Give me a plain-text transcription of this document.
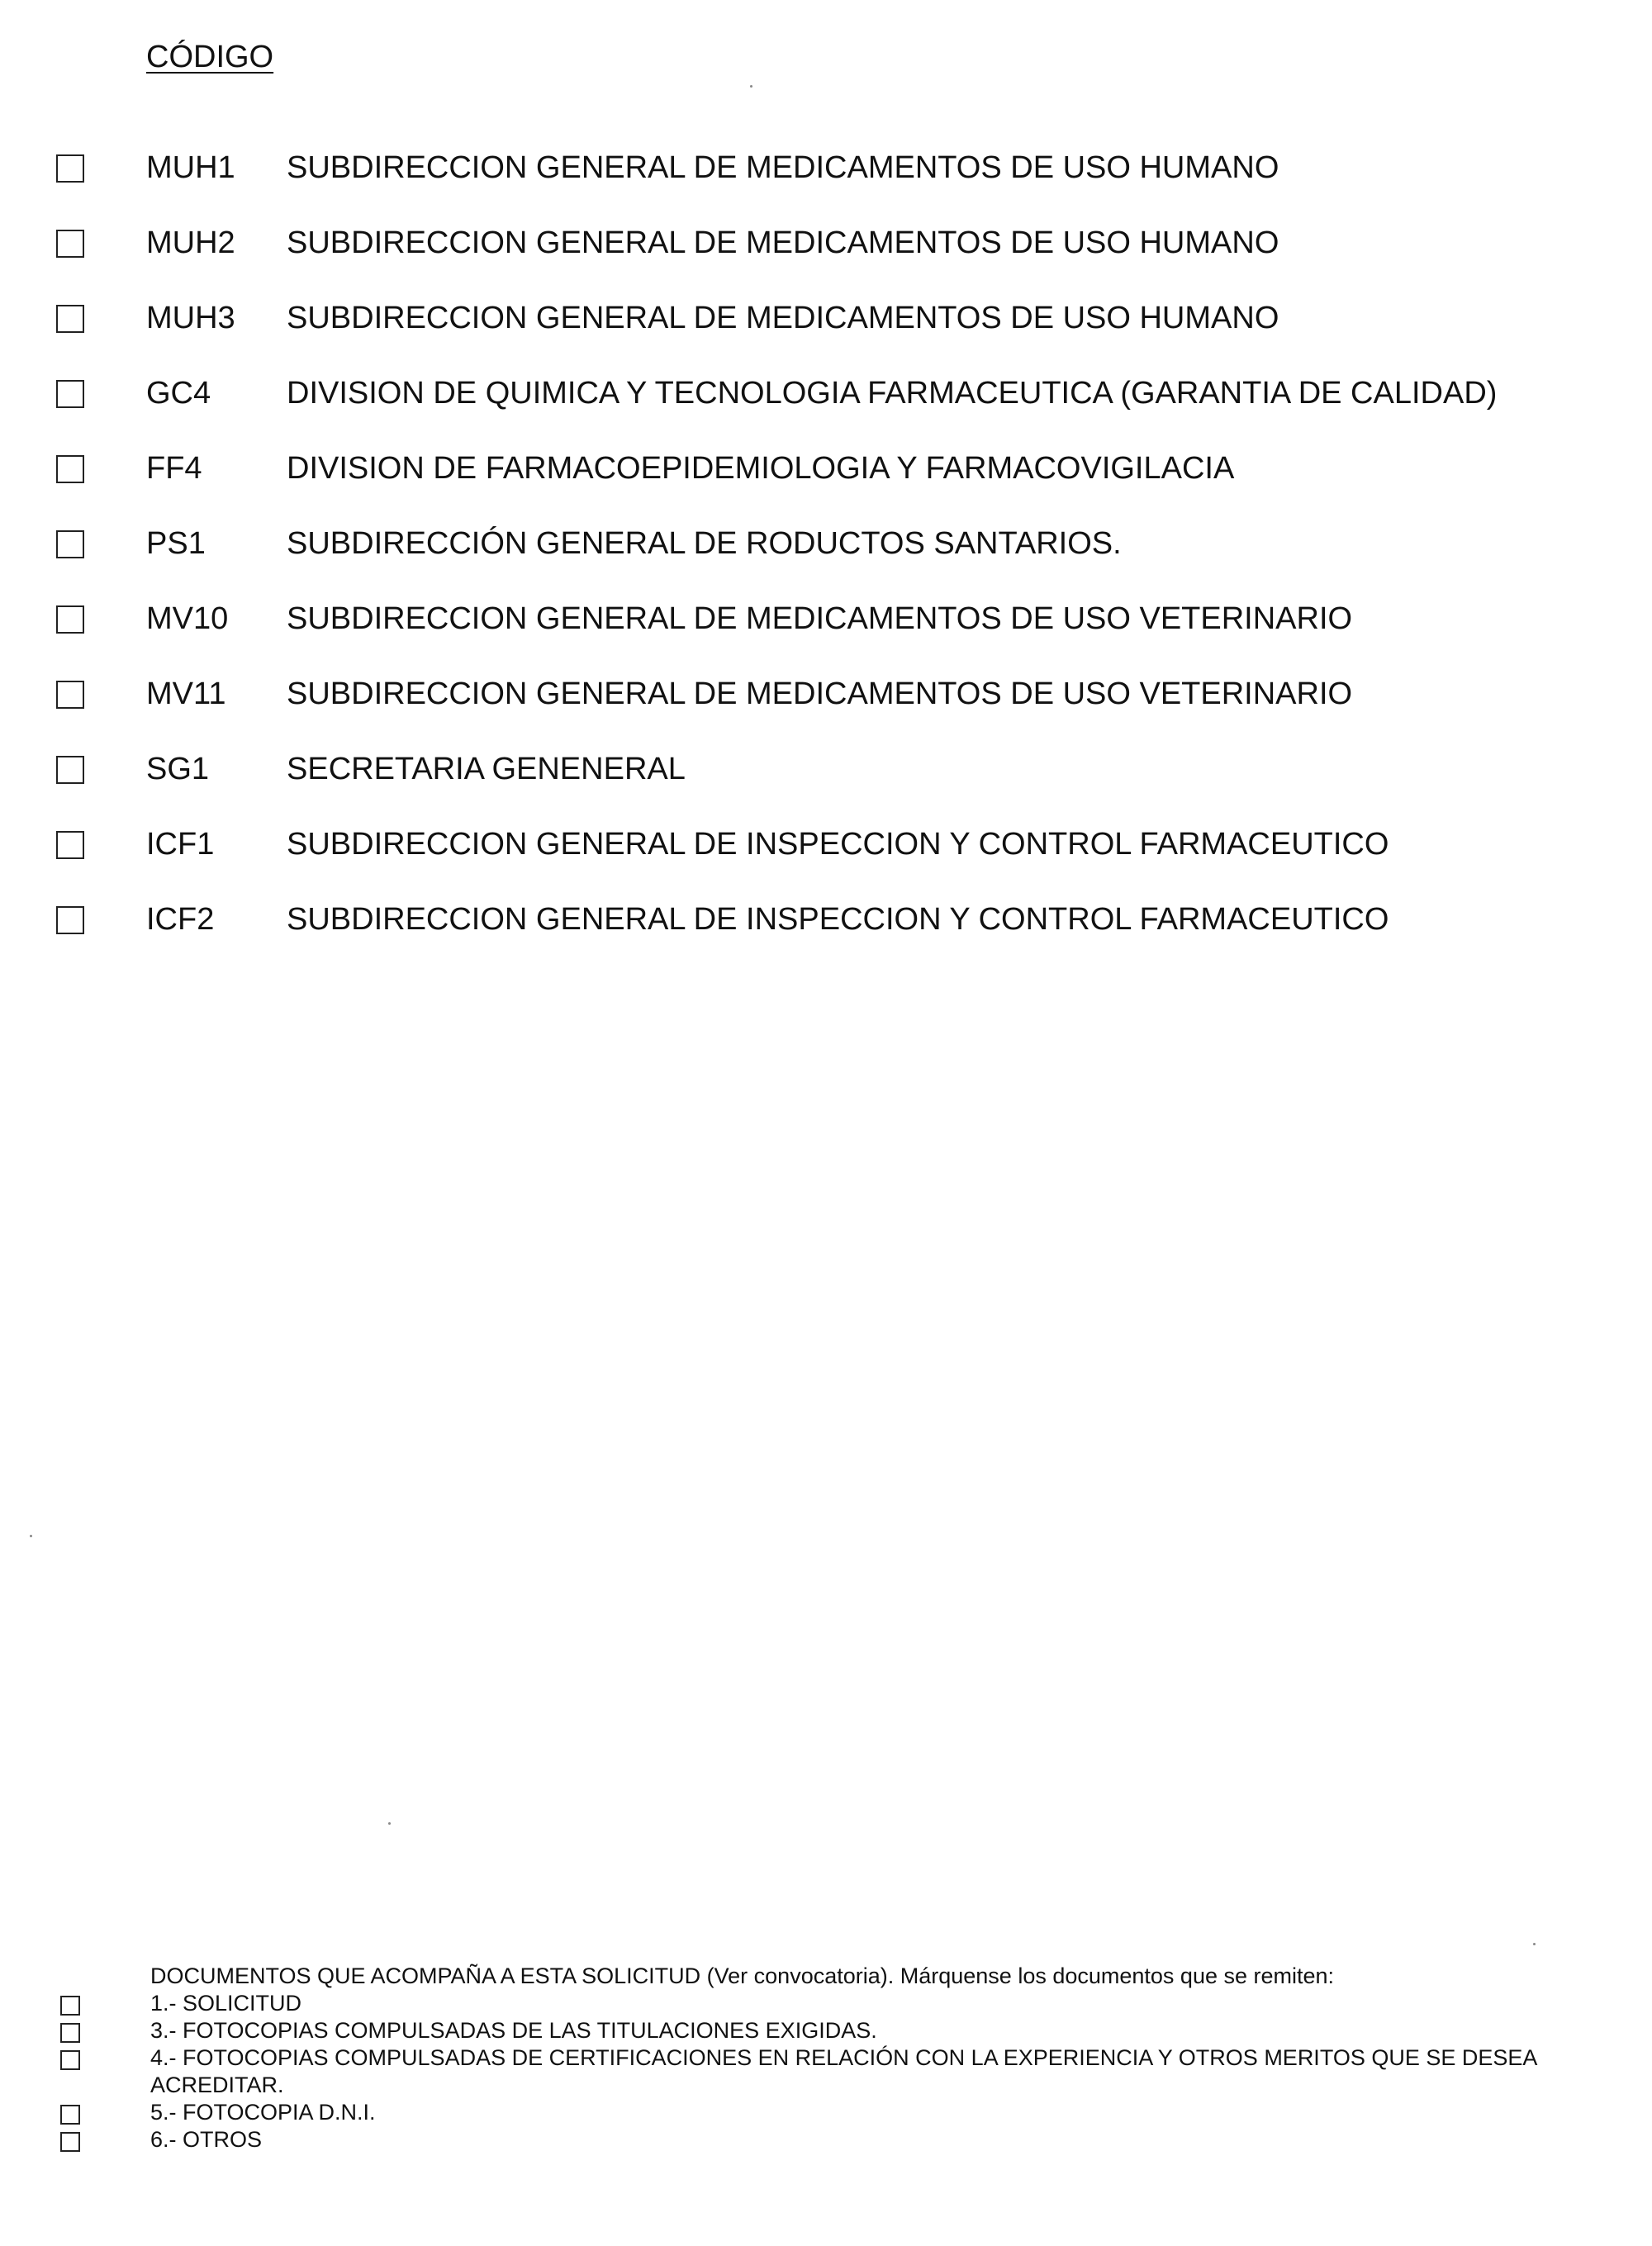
CÓDIGO
MUH1 SUBDIRECCION GENERAL DE MEDICAMENTOS DE USO HUMANO
MUH2 SUBDIRECCION GENERAL DE MEDICAMENTOS DE USO HUMANO
MUH3 SUBDIRECCION GENERAL DE MEDICAMENTOS DE USO HUMANO
GC4 DIVISION DE QUIMICA Y TECNOLOGIA FARMACEUTICA (GARANTIA DE CALIDAD)
FF4	DIVISION DE FARMACOEPIDEMIOLOGIA Y FARMACOVIGILACIA
PS1	SUBDIRECCIÓN GENERAL DE RODUCTOS SANTARIOS.
MV10 SUBDIRECCION GENERAL DE MEDICAMENTOS DE USO VETERINARIO
MV11 SUBDIRECCION GENERAL DE MEDICAMENTOS DE USO VETERINARIO
SG1 SECRETARIA GENENERAL
ICF1 SUBDIRECCION GENERAL DE INSPECCION Y CONTROL FARMACEUTICO
ICF2 SUBDIRECCION GENERAL DE INSPECCION Y CONTROL FARMACEUTICO
DOCUMENTOS QUE ACOMPAÑA A ESTA SOLICITUD (Ver convocatoria). Márquense los documentos que se remiten:
1.- SOLICITUD
3.- FOTOCOPIAS COMPULSADAS DE LAS TITULACIONES EXIGIDAS.
4.- FOTOCOPIAS COMPULSADAS DE CERTIFICACIONES EN RELACIÓN CON LA EXPERIENCIA Y OTROS MERITOS QUE SE DESEA ACREDITAR.
5.- FOTOCOPIA D.N.I.
6.- OTROS
